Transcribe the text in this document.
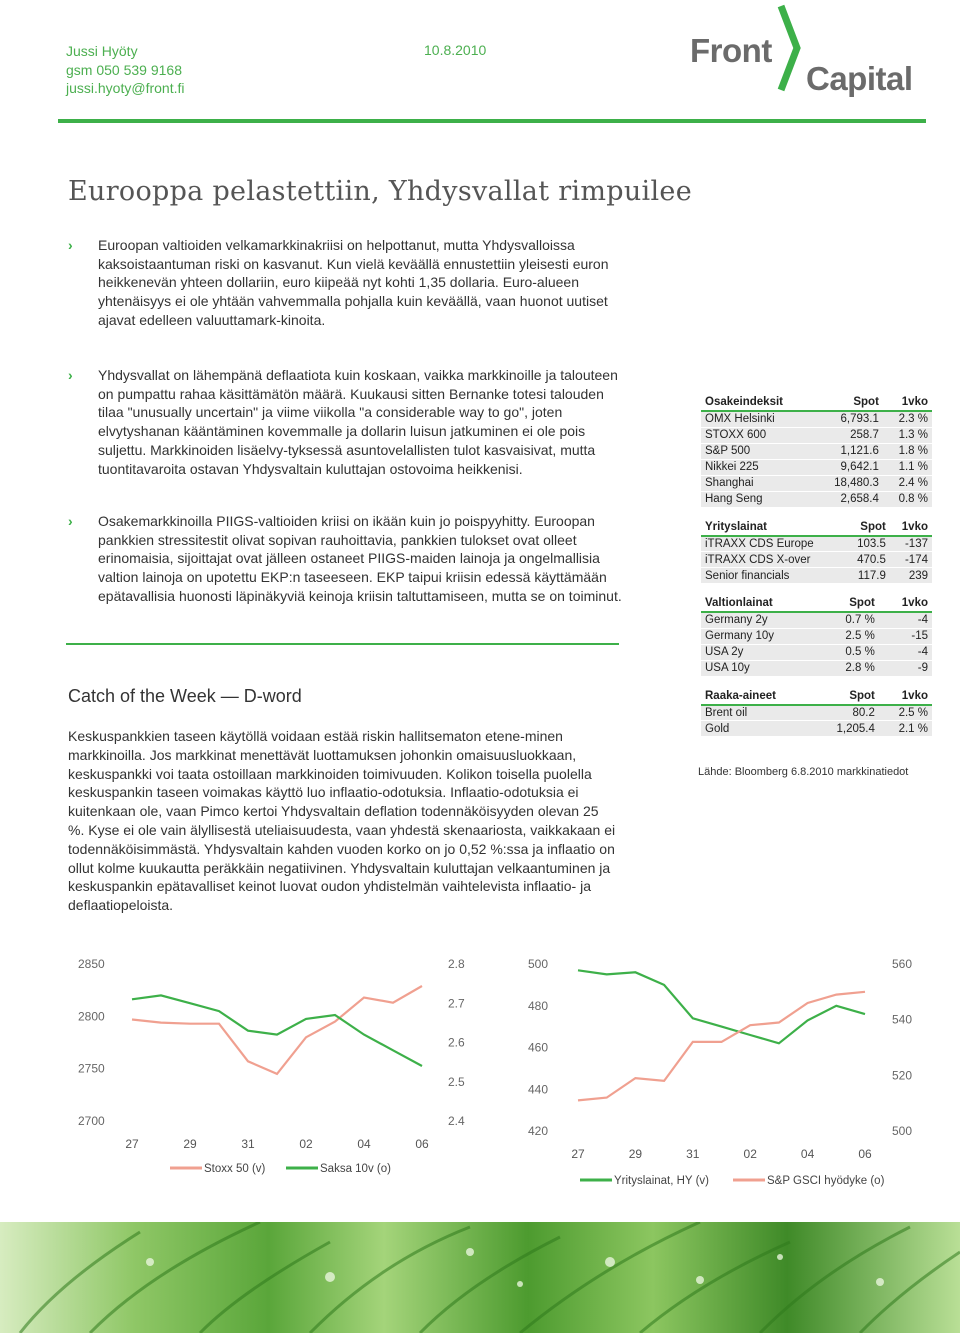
Jussi Hyöty
gsm 050 539 9168
jussi.hyoty@front.fi
10.8.2010	Front
Capital
Eurooppa pelastettiin, Yhdysvallat rimpuilee
› Euroopan valtioiden velkamarkkinakriisi on helpottanut, mutta Yhdysvalloissa kaksoistaantuman riski on kasvanut. Kun vielä keväällä ennustettiin yleisesti euron heikkenevän yhteen dollariin, euro kiipeää nyt kohti 1,35 dollaria. Euro-alueen yhtenäisyys ei ole yhtään vahvemmalla pohjalla kuin keväällä, vaan huonot uutiset ajavat edelleen valuuttamark-kinoita.
› Yhdysvallat on lähempänä deflaatiota kuin koskaan, vaikka markkinoille ja talouteen on pumpattu rahaa käsittämätön määrä. Kuukausi sitten Bernanke totesi talouden tilaa "unusually uncertain" ja viime viikolla "a considerable way to go", joten elvytyshanan kääntäminen kovemmalle ja dollarin luisun jatkuminen ei ole pois suljettu. Markkinoiden lisäelvy-tyksessä asuntovelallisten tulot kasvaisivat, mutta tuontitavaroita ostavan Yhdysvaltain kuluttajan ostovoima heikkenisi.
› Osakemarkkinoilla PIIGS-valtioiden kriisi on ikään kuin jo poispyyhitty. Euroopan pankkien stressitestit olivat sopivan rauhoittavia, pankkien tulokset ovat olleet erinomaisia, sijoittajat ovat jälleen ostaneet PIIGS-maiden lainoja ja ongelmallisia valtion lainoja on upotettu EKP:n taseeseen. EKP taipui kriisin edessä käyttämään epätavallisia huonosti läpinäkyviä keinoja kriisin taltuttamiseen, mutta se on toiminut.
Catch of the Week — D-word
Keskuspankkien taseen käytöllä voidaan estää riskin hallitsematon etene-minen markkinoilla. Jos markkinat menettävät luottamuksen johonkin omaisuusluokkaan, keskuspankki voi taata ostoillaan markkinoiden toimivuuden. Kolikon toisella puolella keskuspankin taseen voimakas käyttö luo inflaatio-odotuksia. Inflaatio-odotuksia ei kuitenkaan ole, vaan Pimco kertoi Yhdysvaltain deflation todennäköisyyden olevan 25 %. Kyse ei ole vain älyllisestä uteliaisuudesta, vaan yhdestä skenaariosta, vaikkakaan ei todennäköisimmästä. Yhdysvaltain kahden vuoden korko on jo 0,52 %:ssa ja inflaatio on ollut kolme kuukautta peräkkäin negatiivinen. Yhdysvaltain kuluttajan velkaantuminen ja keskuspankin epätavalliset keinot luovat oudon yhdistelmän vaihtelevista inflaatio- ja deflaatiopeloista.
Osakeindeksit	Spot	1vko
OMX Helsinki	6,793.1	2.3 %
STOXX 600	258.7	1.3 %
S&P 500	1,121.6	1.8 %
Nikkei 225	9,642.1	1.1 %
Shanghai	18,480.3	2.4 %
Hang Seng	2,658.4	0.8 %
Yrityslainat	Spot	1vko
iTRAXX CDS Europe	103.5	-137
iTRAXX CDS X-over	470.5	-174
Senior financials	117.9	239
Valtionlainat	Spot	1vko
Germany 2y	0.7 %	-4
Germany 10y	2.5 %	-15
USA 2y	0.5 %	-4
USA 10y	2.8 %	-9
Raaka-aineet	Spot	1vko
Brent oil	80.2	2.5 %
Gold	1,205.4	2.1 %
Lähde: Bloomberg 6.8.2010 markkinatiedot
2850
2800
2750
2700
2.8
2.7
2.6
2.5
2.4
27	29	31	02	04	06
Stoxx 50 (v)	Saksa 10v (o)
500
480
460
440
420
560
540
520
500
27	29	31	02	04	06
Yrityslainat, HY (v)	S&P GSCI hyödyke (o)
